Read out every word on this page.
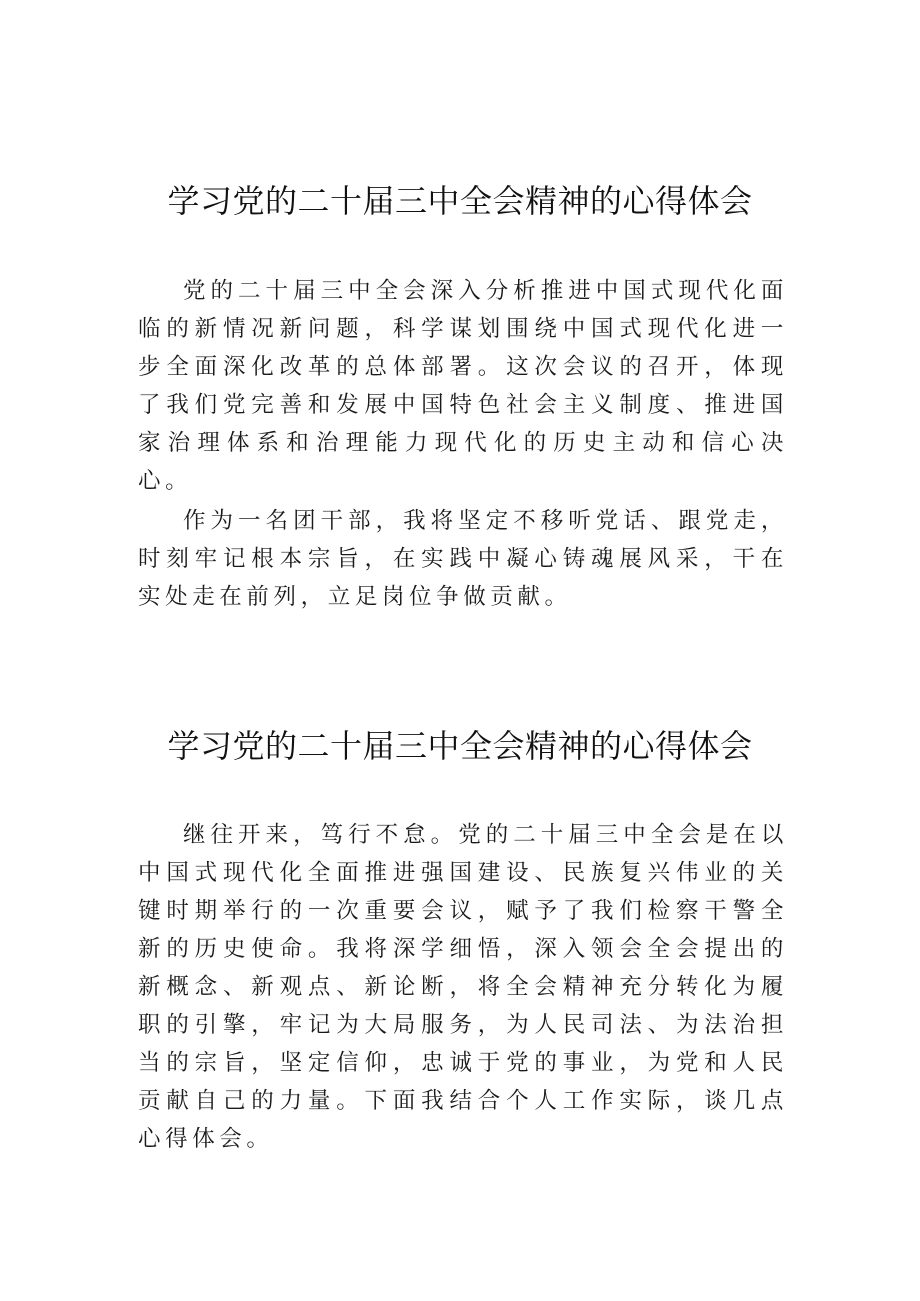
学习党的二十届三中全会精神的心得体会

党的二十届三中全会深入分析推进中国式现代化面临的新情况新问题，科学谋划围绕中国式现代化进一步全面深化改革的总体部署。这次会议的召开，体现了我们党完善和发展中国特色社会主义制度、推进国家治理体系和治理能力现代化的历史主动和信心决心。

作为一名团干部，我将坚定不移听党话、跟党走，时刻牢记根本宗旨，在实践中凝心铸魂展风采，干在实处走在前列，立足岗位争做贡献。

学习党的二十届三中全会精神的心得体会

继往开来，笃行不怠。党的二十届三中全会是在以中国式现代化全面推进强国建设、民族复兴伟业的关键时期举行的一次重要会议，赋予了我们检察干警全新的历史使命。我将深学细悟，深入领会全会提出的新概念、新观点、新论断，将全会精神充分转化为履职的引擎，牢记为大局服务，为人民司法、为法治担当的宗旨，坚定信仰，忠诚于党的事业，为党和人民贡献自己的力量。下面我结合个人工作实际，谈几点心得体会。
